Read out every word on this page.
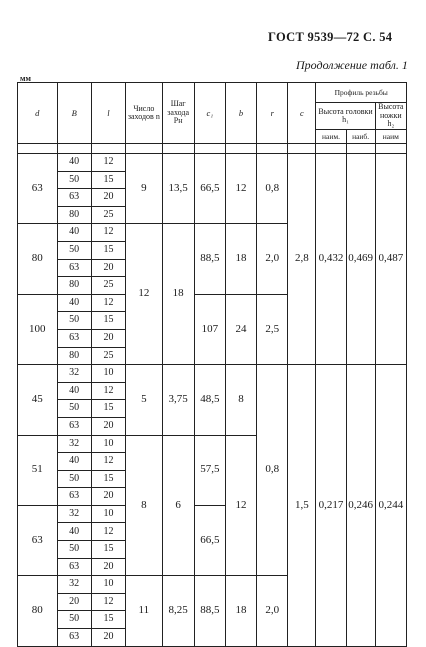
ГОСТ 9539—72 С. 54
Продолжение табл. 1
мм
d	B	l	Число заходов n	Шаг захода Pн	c₁	b	r	c	Профиль резьбы		
									Высота головки h₁		Высота ножки h₂
									наим.	наиб.	наим

63	40	12	9	13,5	66,5	12	0,8	2,8	0,432	0,469	0,487
	50	15									
	63	20									
	80	25									
80	40	12	12	18	88,5	18	2,0				
	50	15									
	63	20									
	80	25									
100	40	12			107	24	2,5				
	50	15									
	63	20									
	80	25									
45	32	10	5	3,75	48,5	8	0,8	1,5	0,217	0,246	0,244
	40	12									
	50	15									
	63	20									
51	32	10	8	6	57,5	12					
	40	12									
	50	15									
	63	20									
63	32	10			66,5						
	40	12									
	50	15									
	63	20									
80	32	10	11	8,25	88,5	18	2,0				
	20	12									
	50	15									
	63	20									
